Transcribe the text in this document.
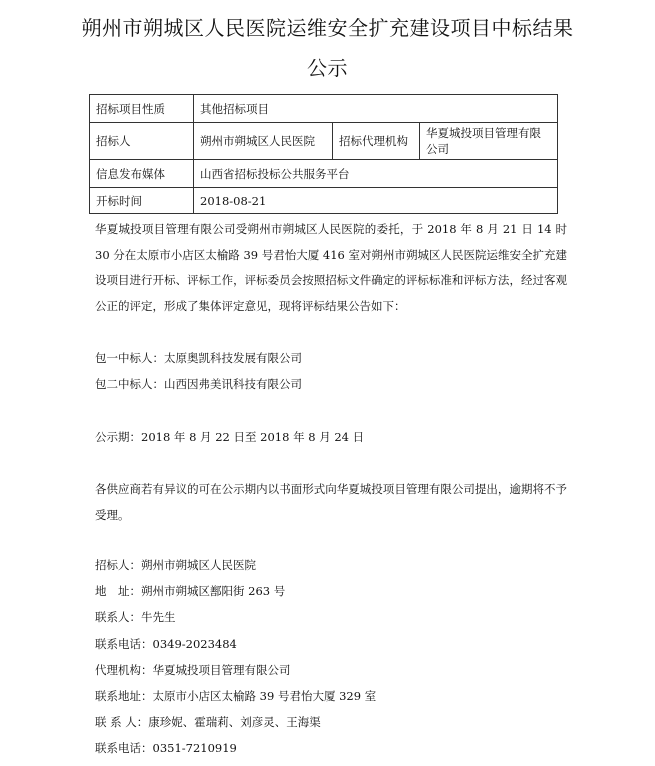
朔州市朔城区人民医院运维安全扩充建设项目中标结果公示
招标项目性质	其他招标项目		
招标人	朔州市朔城区人民医院	招标代理机构	华夏城投项目管理有限公司
信息发布媒体	山西省招标投标公共服务平台		
开标时间	2018-08-21		

华夏城投项目管理有限公司受朔州市朔城区人民医院的委托，于 2018 年 8 月 21 日 14 时 30 分在太原市小店区太榆路 39 号君怡大厦 416 室对朔州市朔城区人民医院运维安全扩充建设项目进行开标、评标工作，评标委员会按照招标文件确定的评标标准和评标方法，经过客观公正的评定，形成了集体评定意见，现将评标结果公告如下：

包一中标人：太原奥凯科技发展有限公司

包二中标人：山西因弗美讯科技有限公司

公示期：2018 年 8 月 22 日至 2018 年 8 月 24 日

各供应商若有异议的可在公示期内以书面形式向华夏城投项目管理有限公司提出，逾期将不予受理。

招标人：朔州市朔城区人民医院

地　址：朔州市朔城区鄯阳街 263 号

联系人：牛先生

联系电话：0349-2023484

代理机构：华夏城投项目管理有限公司

联系地址：太原市小店区太榆路 39 号君怡大厦 329 室

联 系 人：康珍妮、霍瑞莉、刘彦灵、王海渠

联系电话：0351-7210919
